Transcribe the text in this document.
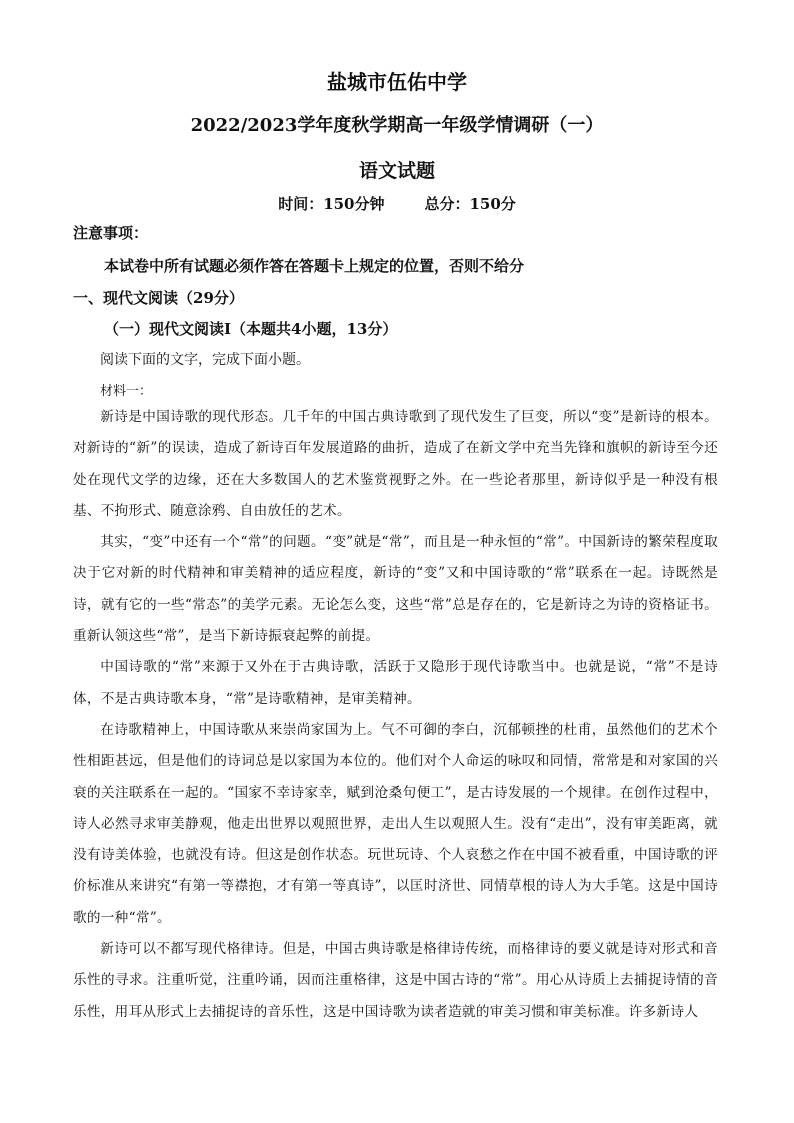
盐城市伍佑中学
2022/2023学年度秋学期高一年级学情调研（一）
语文试题
时间：150分钟	总分：150分

注意事项：

本试卷中所有试题必须作答在答题卡上规定的位置，否则不给分

一、现代文阅读（29分）

（一）现代文阅读Ⅰ（本题共4小题，13分）

阅读下面的文字，完成下面小题。

材料一：

新诗是中国诗歌的现代形态。几千年的中国古典诗歌到了现代发生了巨变，所以“变”是新诗的根本。对新诗的“新”的误读，造成了新诗百年发展道路的曲折，造成了在新文学中充当先锋和旗帜的新诗至今还处在现代文学的边缘，还在大多数国人的艺术鉴赏视野之外。在一些论者那里，新诗似乎是一种没有根基、不拘形式、随意涂鸦、自由放任的艺术。

其实，“变”中还有一个“常”的问题。“变”就是“常”，而且是一种永恒的“常”。中国新诗的繁荣程度取决于它对新的时代精神和审美精神的适应程度，新诗的“变”又和中国诗歌的“常”联系在一起。诗既然是诗，就有它的一些“常态”的美学元素。无论怎么变，这些“常”总是存在的，它是新诗之为诗的资格证书。重新认领这些“常”，是当下新诗振衰起弊的前提。

中国诗歌的“常”来源于又外在于古典诗歌，活跃于又隐形于现代诗歌当中。也就是说，“常”不是诗体，不是古典诗歌本身，“常”是诗歌精神，是审美精神。

在诗歌精神上，中国诗歌从来崇尚家国为上。气不可御的李白，沉郁顿挫的杜甫，虽然他们的艺术个性相距甚远，但是他们的诗词总是以家国为本位的。他们对个人命运的咏叹和同情，常常是和对家国的兴衰的关注联系在一起的。“国家不幸诗家幸，赋到沧桑句便工”，是古诗发展的一个规律。在创作过程中，诗人必然寻求审美静观，他走出世界以观照世界，走出人生以观照人生。没有“走出”，没有审美距离，就没有诗美体验，也就没有诗。但这是创作状态。玩世玩诗、个人哀愁之作在中国不被看重，中国诗歌的评价标准从来讲究“有第一等襟抱，才有第一等真诗”，以匡时济世、同情草根的诗人为大手笔。这是中国诗歌的一种“常”。

新诗可以不都写现代格律诗。但是，中国古典诗歌是格律诗传统，而格律诗的要义就是诗对形式和音乐性的寻求。注重听觉，注重吟诵，因而注重格律，这是中国古诗的“常”。用心从诗质上去捕捉诗情的音乐性，用耳从形式上去捕捉诗的音乐性，这是中国诗歌为读者造就的审美习惯和审美标准。许多新诗人
